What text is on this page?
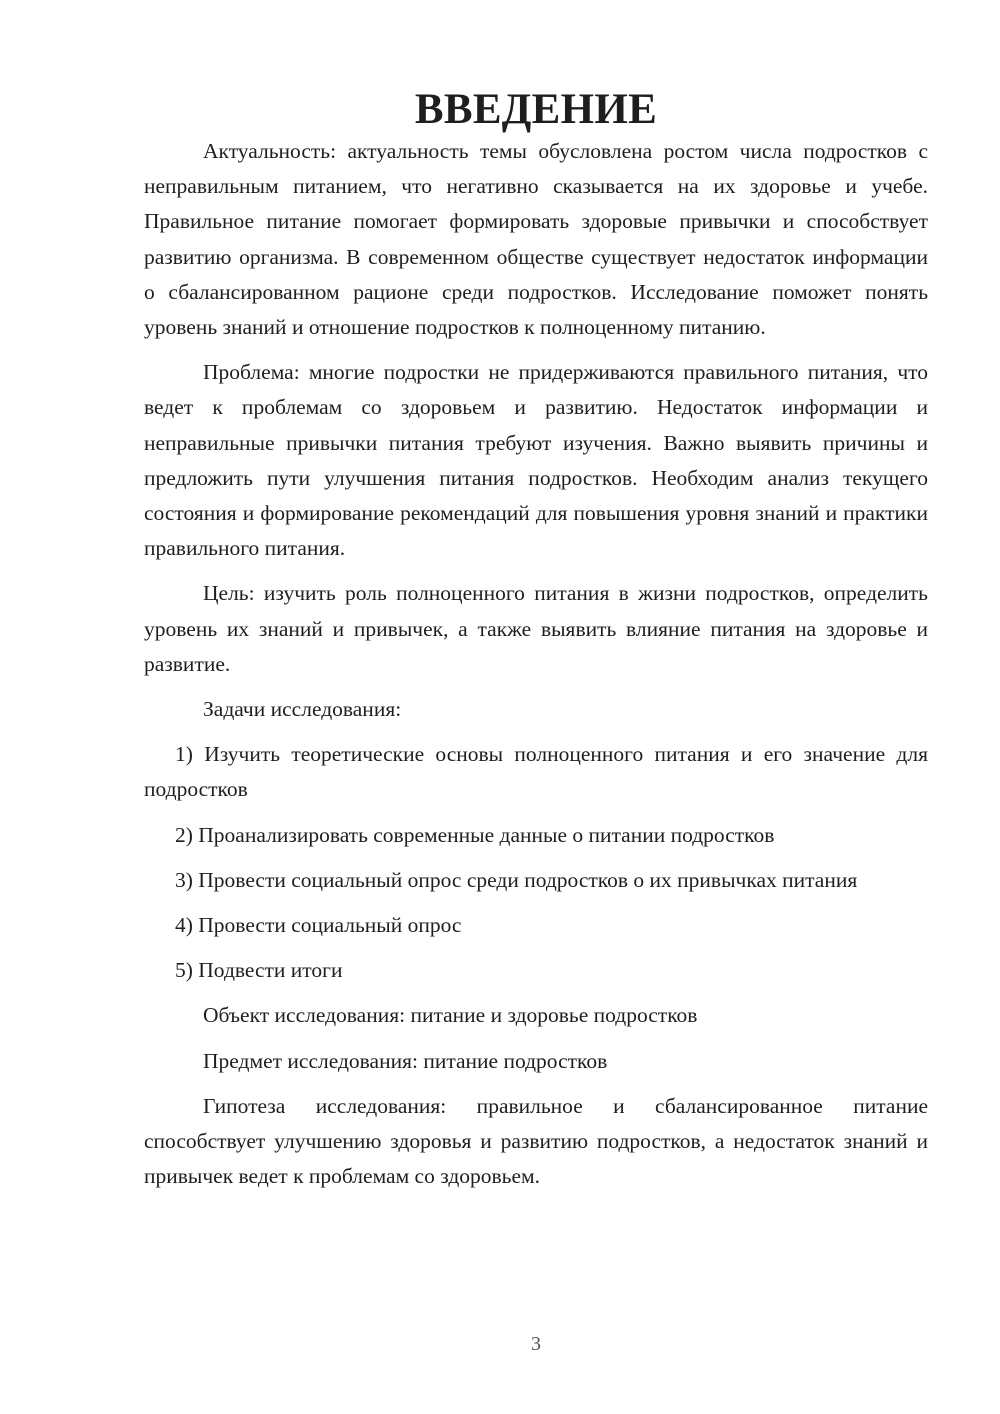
ВВЕДЕНИЕ

Актуальность: актуальность темы обусловлена ростом числа подростков с неправильным питанием, что негативно сказывается на их здоровье и учебе. Правильное питание помогает формировать здоровые привычки и способствует развитию организма. В современном обществе существует недостаток информации о сбалансированном рационе среди подростков. Исследование поможет понять уровень знаний и отношение подростков к полноценному питанию.

Проблема: многие подростки не придерживаются правильного питания, что ведет к проблемам со здоровьем и развитию. Недостаток информации и неправильные привычки питания требуют изучения. Важно выявить причины и предложить пути улучшения питания подростков. Необходим анализ текущего состояния и формирование рекомендаций для повышения уровня знаний и практики правильного питания.

Цель: изучить роль полноценного питания в жизни подростков, определить уровень их знаний и привычек, а также выявить влияние питания на здоровье и развитие.

Задачи исследования:

1) Изучить теоретические основы полноценного питания и его значение для подростков

2) Проанализировать современные данные о питании подростков

3) Провести социальный опрос среди подростков о их привычках питания

4) Провести социальный опрос

5) Подвести итоги

Объект исследования: питание и здоровье подростков

Предмет исследования: питание подростков

Гипотеза исследования: правильное и сбалансированное питание способствует улучшению здоровья и развитию подростков, а недостаток знаний и привычек ведет к проблемам со здоровьем.

3
